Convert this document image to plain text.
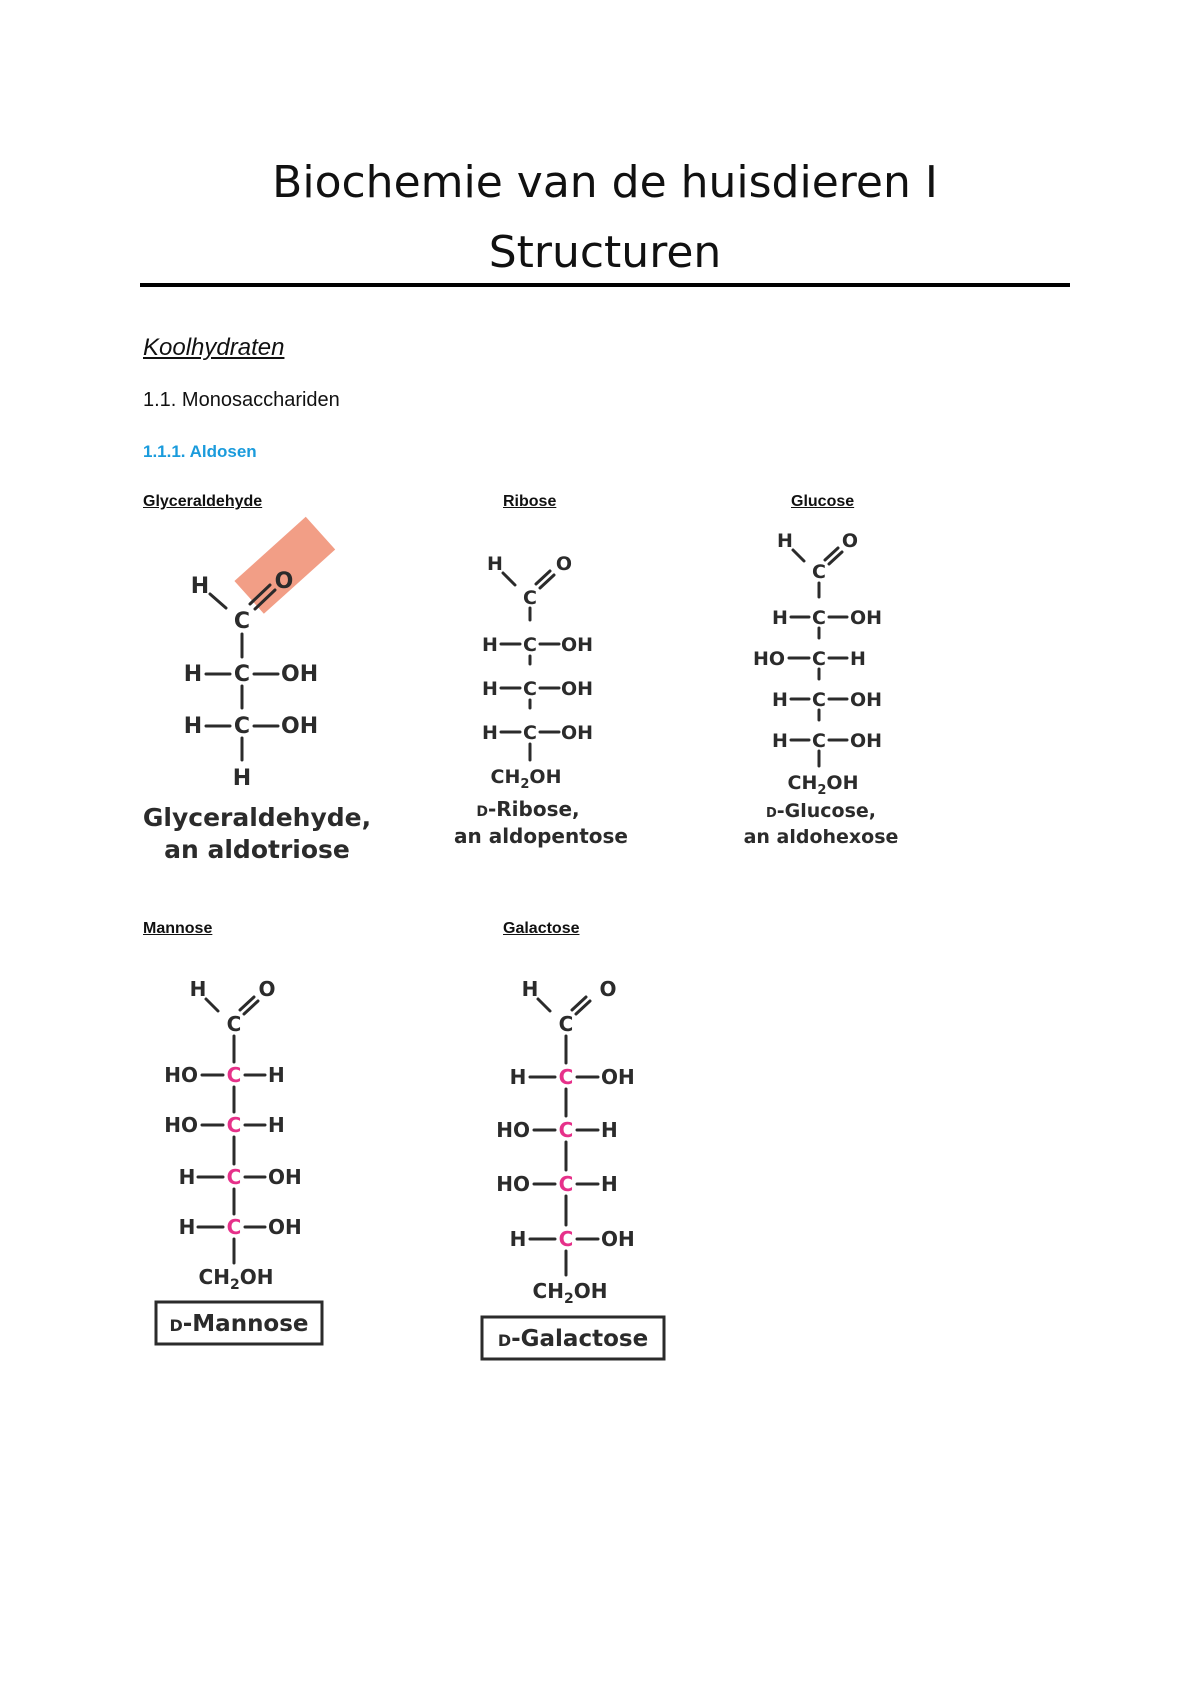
Biochemie van de huisdieren I
Structuren
Koolhydraten
1.1. Monosacchariden
1.1.1. Aldosen
Glyceraldehyde	Ribose	Glucose
Mannose	Galactose
H
C
O
H C OH
H C OH
H
Glyceraldehyde,
an aldotriose
H
C
O
H C OH
H C OH
H C OH
$CH_2OH$
D-Ribose,
an aldopentose
H
C
O
H C OH
HO C H
H C OH
H C OH
$CH_2OH$
D-Glucose,
an aldohexose
H
C
O
HO C H
HO C H
H C OH
H C OH
$CH_2OH$
D-Mannose
H
C
O
H C OH
HO C H
HO C H
H C OH
$CH_2OH$
D-Galactose
